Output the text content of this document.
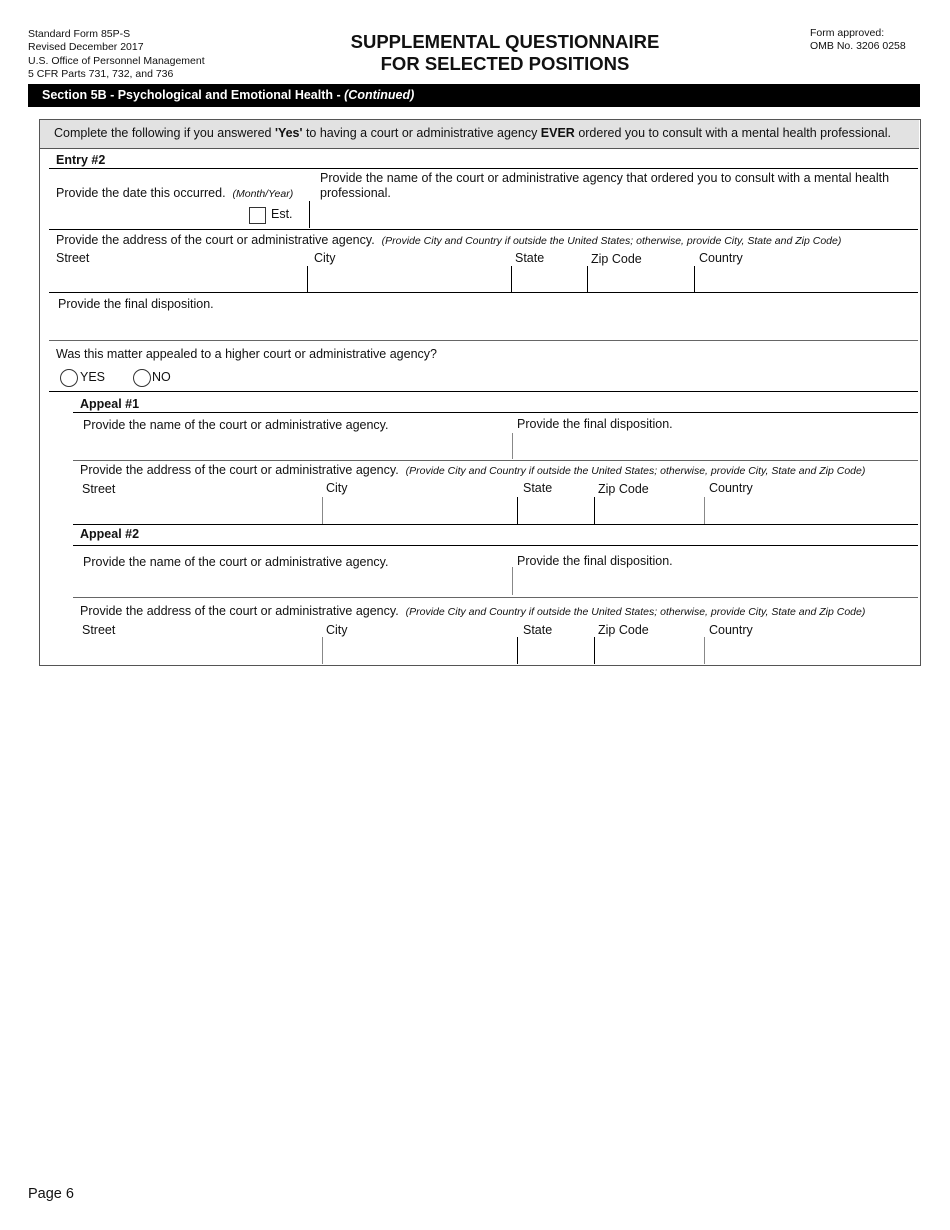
Standard Form 85P-S
Revised December 2017
U.S. Office of Personnel Management
5 CFR Parts 731, 732, and 736
SUPPLEMENTAL QUESTIONNAIRE
FOR SELECTED POSITIONS
Form approved:
OMB No. 3206 0258
Section 5B - Psychological and Emotional Health - (Continued)
Complete the following if you answered 'Yes' to having a court or administrative agency EVER ordered you to consult with a mental health professional.
Entry #2
Provide the date this occurred. (Month/Year)
Est.
Provide the name of the court or administrative agency that ordered you to consult with a mental health professional.
Provide the address of the court or administrative agency. (Provide City and Country if outside the United States; otherwise, provide City, State and Zip Code)
Street	City	State	Zip Code	Country
Provide the final disposition.
Was this matter appealed to a higher court or administrative agency?
YES	NO
Appeal #1
Provide the name of the court or administrative agency.	Provide the final disposition.
Provide the address of the court or administrative agency. (Provide City and Country if outside the United States; otherwise, provide City, State and Zip Code)
Street	City	State	Zip Code	Country
Appeal #2
Provide the name of the court or administrative agency.	Provide the final disposition.
Provide the address of the court or administrative agency. (Provide City and Country if outside the United States; otherwise, provide City, State and Zip Code)
Street	City	State	Zip Code	Country
Page 6
